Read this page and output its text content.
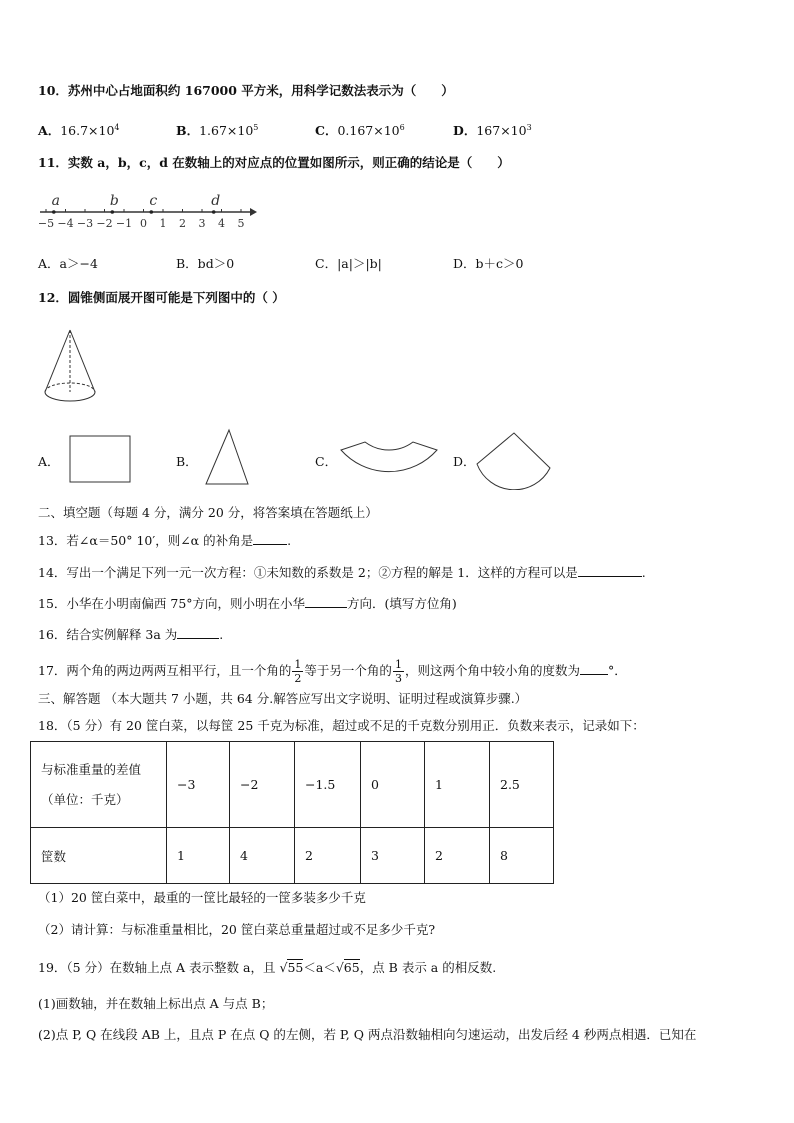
10．苏州中心占地面积约 167000 平方米，用科学记数法表示为（　　）
A．$16.7\times 10^4$	B．$1.67\times 10^5$	C．$0.167\times 10^6$	D．$167\times 10^3$
11．实数 a，b，c，d 在数轴上的对应点的位置如图所示，则正确的结论是（　　）
−5 −4 −3 −2 −1 0 1 2 3 4 5
a	b c	d
A．a＞−4	B．bd＞0	C．|a|＞|b|	D．b＋c＞0
12．圆锥侧面展开图可能是下列图中的（ ）
A．	B．	C．	D．
二、填空题（每题 4 分，满分 20 分，将答案填在答题纸上）
13．若∠α＝50° 10′，则∠α 的补角是	.
14．写出一个满足下列一元一次方程：①未知数的系数是 2；②方程的解是 1．这样的方程可以是	.
15．小华在小明南偏西 75°方向，则小明在小华	方向．(填写方位角)
16．结合实例解释 3a 为	.
17．两个角的两边两两互相平行，且一个角的 $\frac{1}{2}$ 等于另一个角的 $\frac{1}{3}$ ，则这两个角中较小角的度数为 °．
三、解答题 （本大题共 7 小题，共 64 分.解答应写出文字说明、证明过程或演算步骤.）
18．（5 分）有 20 筐白菜，以每筐 25 千克为标准，超过或不足的千克数分别用正．负数来表示，记录如下：
与标准重量的差值
（单位：千克）	−3	−2	−1.5	0	1	2.5
筐数	1	4	2	3	2	8
（1）20 筐白菜中，最重的一筐比最轻的一筐多装多少千克
（2）请计算：与标准重量相比，20 筐白菜总重量超过或不足多少千克?
19．（5 分）在数轴上点 A 表示整数 a，且 √55＜a＜√65，点 B 表示 a 的相反数.
(1)画数轴，并在数轴上标出点 A 与点 B；
(2)点 P, Q 在线段 AB 上，且点 P 在点 Q 的左侧，若 P, Q 两点沿数轴相向匀速运动，出发后经 4 秒两点相遇．已知在
